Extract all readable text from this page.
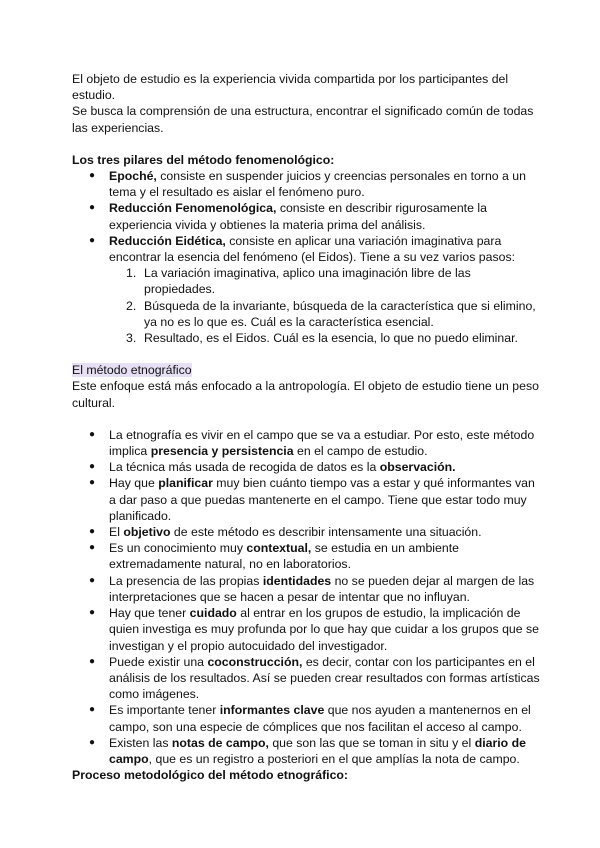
El objeto de estudio es la experiencia vivida compartida por los participantes del estudio.

Se busca la comprensión de una estructura, encontrar el significado común de todas las experiencias.

Los tres pilares del método fenomenológico:

● Epoché, consiste en suspender juicios y creencias personales en torno a un tema y el resultado es aislar el fenómeno puro.
● Reducción Fenomenológica, consiste en describir rigurosamente la experiencia vivida y obtienes la materia prima del análisis.
● Reducción Eidética, consiste en aplicar una variación imaginativa para encontrar la esencia del fenómeno (el Eidos). Tiene a su vez varios pasos:
1. La variación imaginativa, aplico una imaginación libre de las propiedades.
2. Búsqueda de la invariante, búsqueda de la característica que si elimino, ya no es lo que es. Cuál es la característica esencial.
3. Resultado, es el Eidos. Cuál es la esencia, lo que no puedo eliminar.

El método etnográfico

Este enfoque está más enfocado a la antropología. El objeto de estudio tiene un peso cultural.

● La etnografía es vivir en el campo que se va a estudiar. Por esto, este método implica presencia y persistencia en el campo de estudio.
● La técnica más usada de recogida de datos es la observación.
● Hay que planificar muy bien cuánto tiempo vas a estar y qué informantes van a dar paso a que puedas mantenerte en el campo. Tiene que estar todo muy planificado.
● El objetivo de este método es describir intensamente una situación.
● Es un conocimiento muy contextual, se estudia en un ambiente extremadamente natural, no en laboratorios.
● La presencia de las propias identidades no se pueden dejar al margen de las interpretaciones que se hacen a pesar de intentar que no influyan.
● Hay que tener cuidado al entrar en los grupos de estudio, la implicación de quien investiga es muy profunda por lo que hay que cuidar a los grupos que se investigan y el propio autocuidado del investigador.
● Puede existir una coconstrucción, es decir, contar con los participantes en el análisis de los resultados. Así se pueden crear resultados con formas artísticas como imágenes.
● Es importante tener informantes clave que nos ayuden a mantenernos en el campo, son una especie de cómplices que nos facilitan el acceso al campo.
● Existen las notas de campo, que son las que se toman in situ y el diario de campo, que es un registro a posteriori en el que amplías la nota de campo.

Proceso metodológico del método etnográfico:
